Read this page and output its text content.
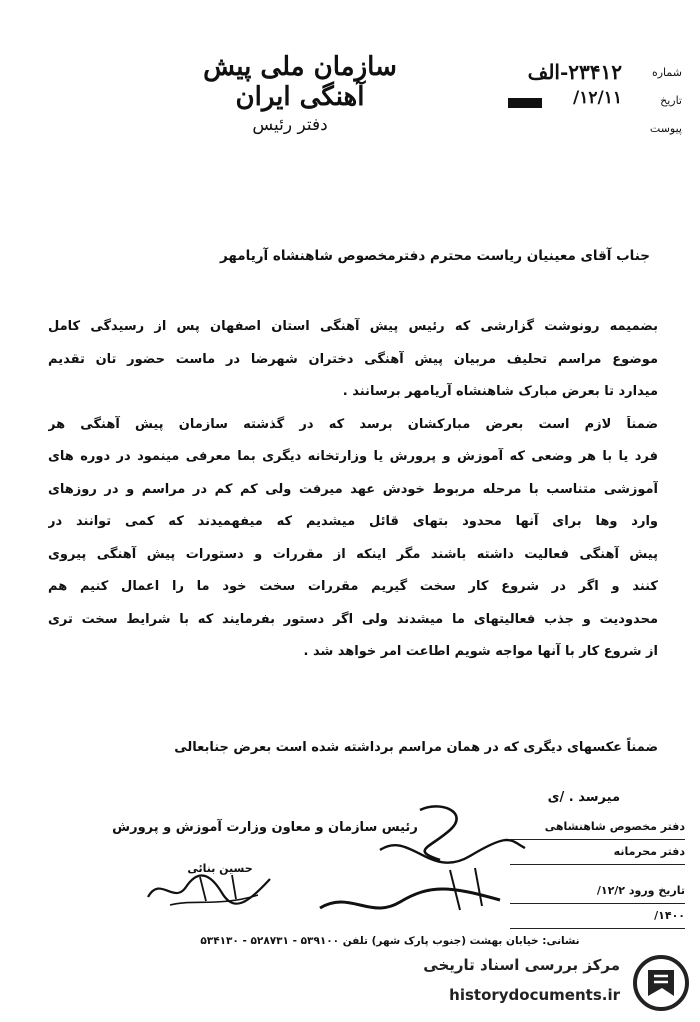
سازمان ملی پیش آهنگی ایران
دفتر رئیس
شماره
۲۳۴۱۲-الف
تاریخ
۱۲/۱۱/
پیوست
جناب آقای معینیان ریاست محترم دفترمخصوص شاهنشاه آریامهر
بضمیمه رونوشت گزارشی که رئیس پیش آهنگی استان اصفهان پس از رسیدگی کامل
موضوع مراسم تحلیف مربیان پیش آهنگی دختران شهرضا در ماست حضور تان تقدیم
میدارد تا بعرض مبارک شاهنشاه آریامهر برسانند .
ضمناً لازم است بعرض مبارکشان برسد که در گذشته سازمان پیش آهنگی هر
فرد یا با هر وضعی که آموزش و پرورش یا وزارتخانه دیگری بما معرفی مینمود در دوره های
آموزشی متناسب با مرحله مربوط خودش عهد میرفت ولی کم کم در مراسم و در روزهای
وارد وها برای آنها محدود بتهای قائل میشدیم که میفهمیدند که کمی توانند در
پیش آهنگی فعالیت داشته باشند مگر اینکه از مقررات و دستورات پیش آهنگی پیروی
کنند و اگر در شروع کار سخت گیریم مقررات سخت خود ما را اعمال کنیم هم
محدودیت و جذب فعالیتهای ما میشدند ولی اگر دستور بفرمایند که با شرایط سخت تری
از شروع کار با آنها مواجه شویم اطاعت امر خواهد شد .
ضمناً عکسهای دیگری که در همان مراسم برداشته شده است بعرض جنابعالی
میرسد . /ی
رئیس سازمان و معاون وزارت آموزش و پرورش
حسین بنائی
دفتر مخصوص شاهنشاهی
دفتر محرمانه
تاریخ ورود ۱۲/۲/
۱۴۰۰/
نشانی: خیابان بهشت (جنوب پارک شهر) تلفن ۵۳۹۱۰۰ - ۵۲۸۷۳۱ - ۵۳۴۱۳۰
مرکز بررسی اسناد تاریخی
historydocuments.ir
